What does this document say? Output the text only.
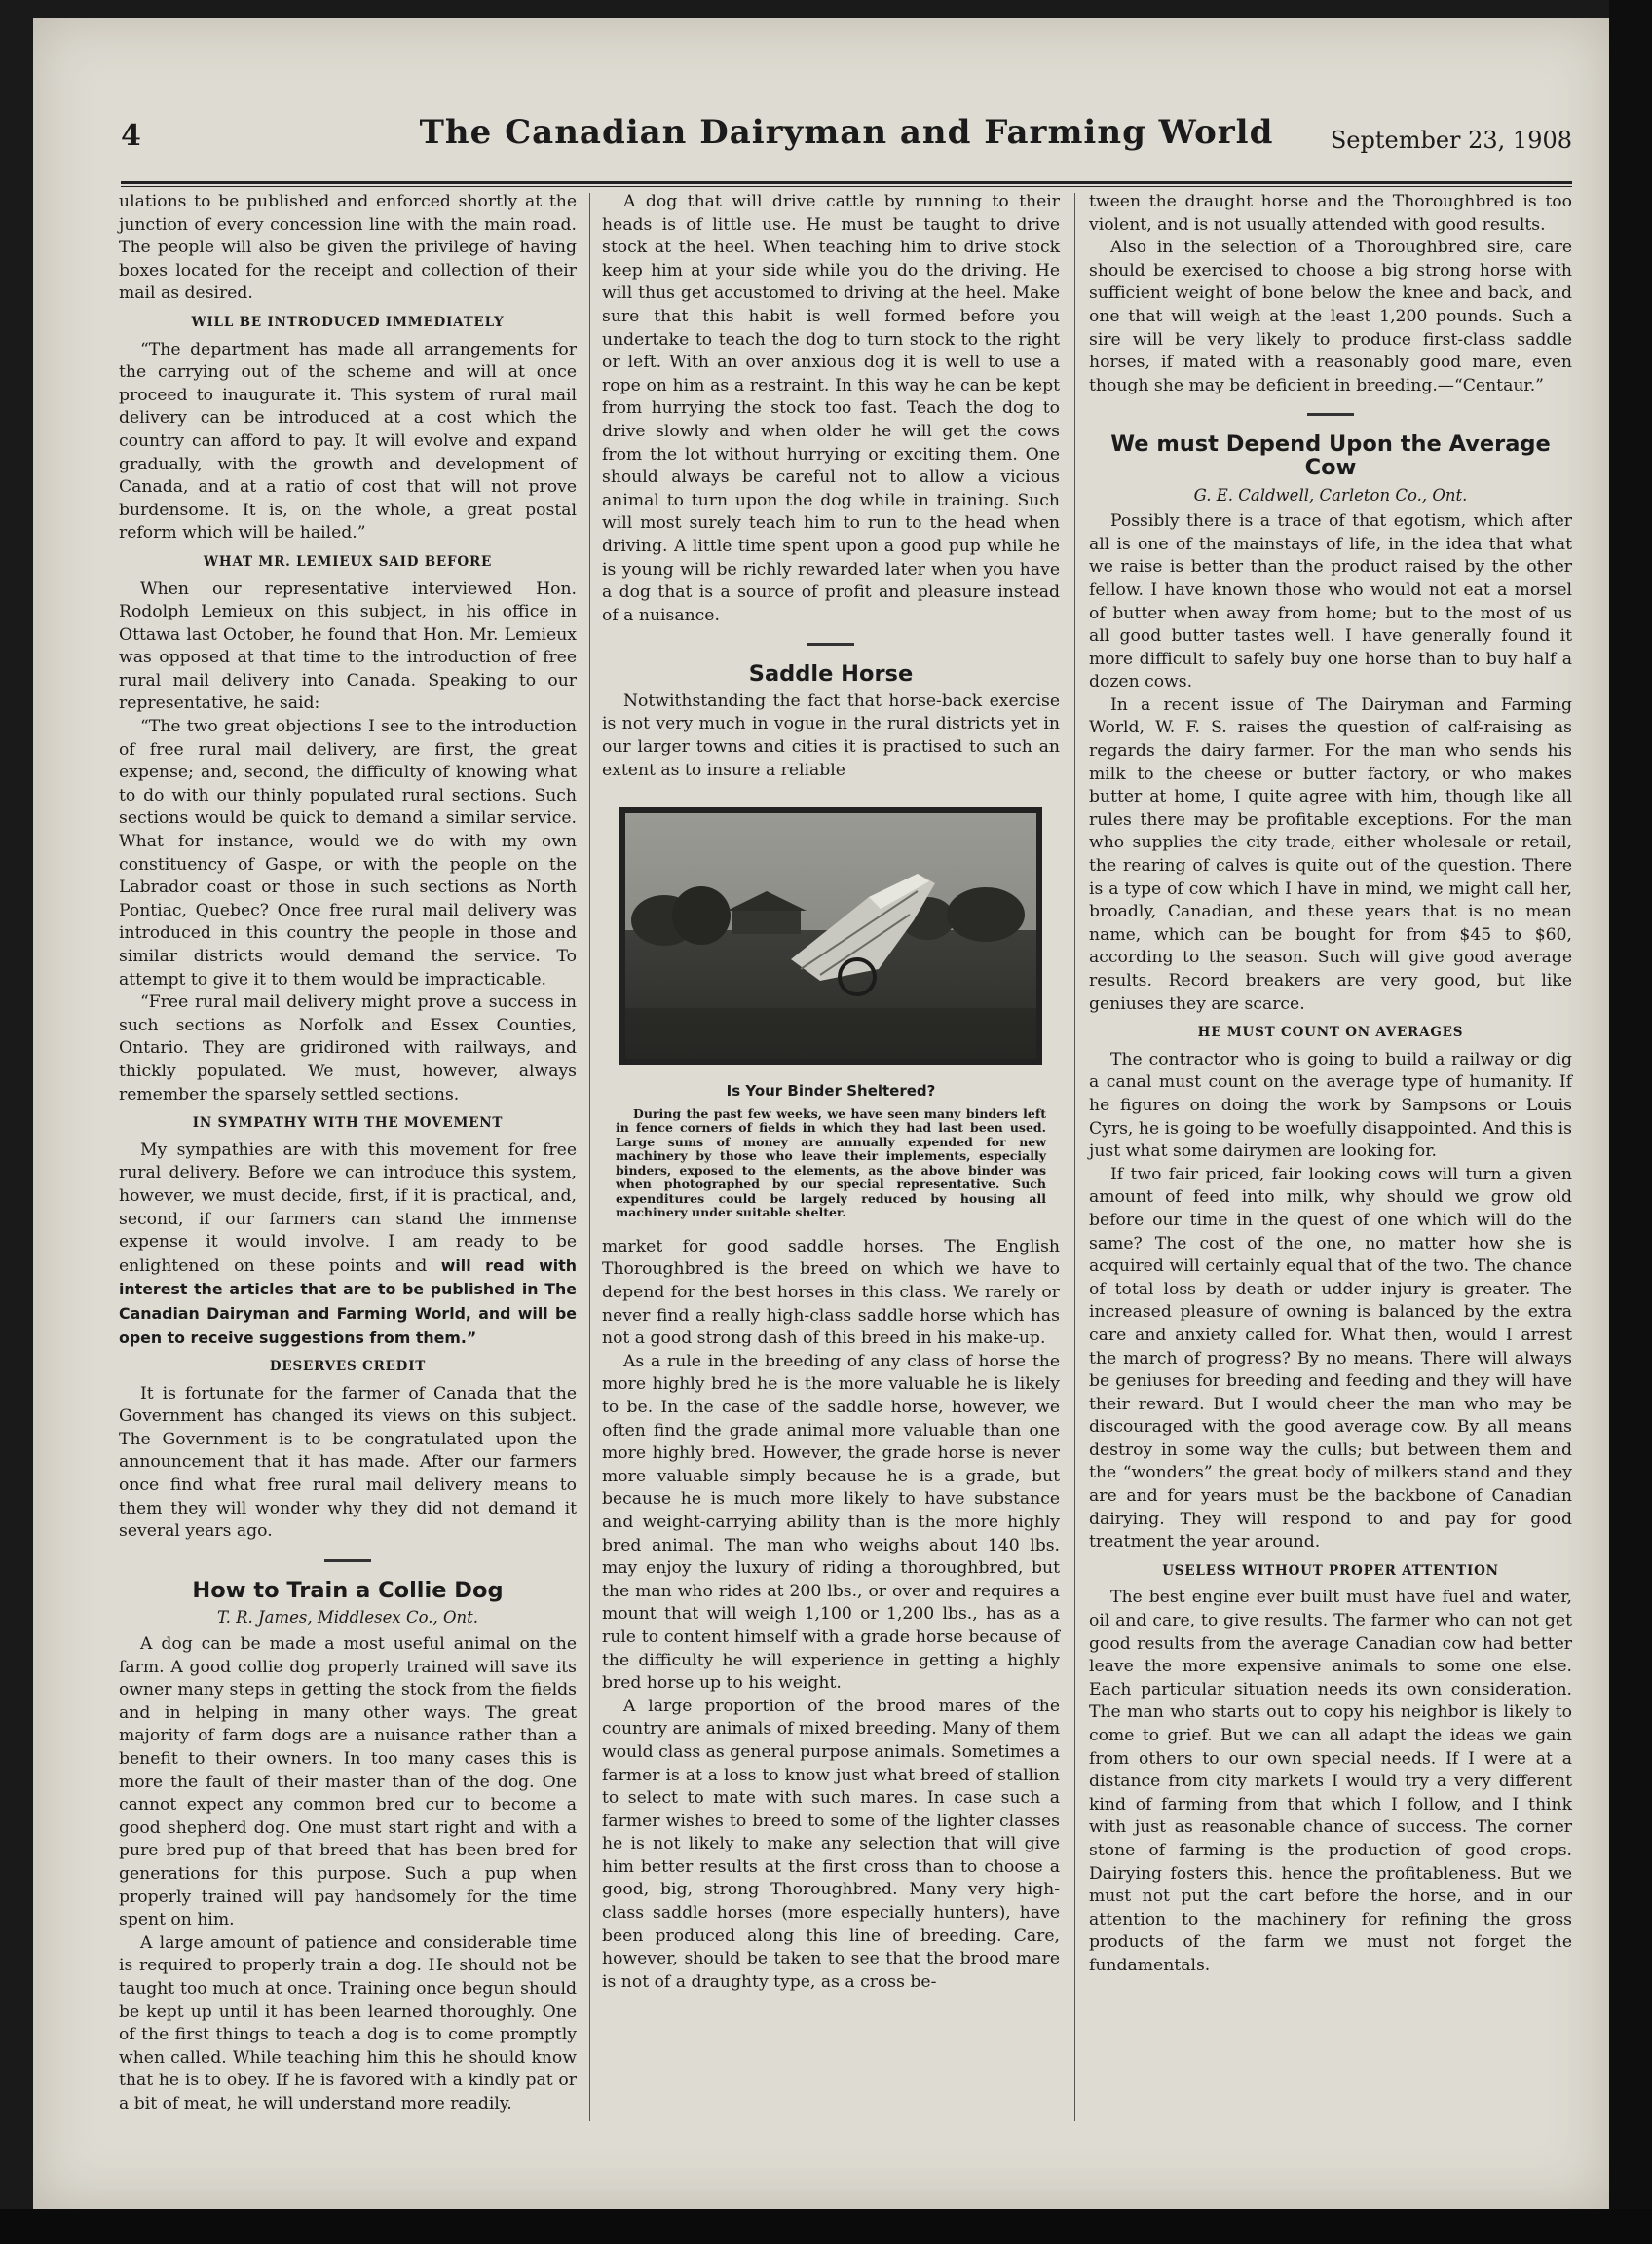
4	The Canadian Dairyman and Farming World	September 23, 1908

ulations to be published and enforced shortly at the junction of every concession line with the main road. The people will also be given the privilege of having boxes located for the receipt and collection of their mail as desired.

WILL BE INTRODUCED IMMEDIATELY

“The department has made all arrangements for the carrying out of the scheme and will at once proceed to inaugurate it. This system of rural mail delivery can be introduced at a cost which the country can afford to pay. It will evolve and expand gradually, with the growth and development of Canada, and at a ratio of cost that will not prove burdensome. It is, on the whole, a great postal reform which will be hailed.”

WHAT MR. LEMIEUX SAID BEFORE

When our representative interviewed Hon. Rodolph Lemieux on this subject, in his office in Ottawa last October, he found that Hon. Mr. Lemieux was opposed at that time to the introduction of free rural mail delivery into Canada. Speaking to our representative, he said:

“The two great objections I see to the introduction of free rural mail delivery, are first, the great expense; and, second, the difficulty of knowing what to do with our thinly populated rural sections. Such sections would be quick to demand a similar service. What for instance, would we do with my own constituency of Gaspe, or with the people on the Labrador coast or those in such sections as North Pontiac, Quebec? Once free rural mail delivery was introduced in this country the people in those and similar districts would demand the service. To attempt to give it to them would be impracticable.

“Free rural mail delivery might prove a success in such sections as Norfolk and Essex Counties, Ontario. They are gridironed with railways, and thickly populated. We must, however, always remember the sparsely settled sections.

IN SYMPATHY WITH THE MOVEMENT

My sympathies are with this movement for free rural delivery. Before we can introduce this system, however, we must decide, first, if it is practical, and, second, if our farmers can stand the immense expense it would involve. I am ready to be enlightened on these points and will read with interest the articles that are to be published in The Canadian Dairyman and Farming World, and will be open to receive suggestions from them.”

DESERVES CREDIT

It is fortunate for the farmer of Canada that the Government has changed its views on this subject. The Government is to be congratulated upon the announcement that it has made. After our farmers once find what free rural mail delivery means to them they will wonder why they did not demand it several years ago.

How to Train a Collie Dog
T. R. James, Middlesex Co., Ont.

A dog can be made a most useful animal on the farm. A good collie dog properly trained will save its owner many steps in getting the stock from the fields and in helping in many other ways. The great majority of farm dogs are a nuisance rather than a benefit to their owners. In too many cases this is more the fault of their master than of the dog. One cannot expect any common bred cur to become a good shepherd dog. One must start right and with a pure bred pup of that breed that has been bred for generations for this purpose. Such a pup when properly trained will pay handsomely for the time spent on him.

A large amount of patience and considerable time is required to properly train a dog. He should not be taught too much at once. Training once begun should be kept up until it has been learned thoroughly. One of the first things to teach a dog is to come promptly when called. While teaching him this he should know that he is to obey. If he is favored with a kindly pat or a bit of meat, he will understand more readily.

A dog that will drive cattle by running to their heads is of little use. He must be taught to drive stock at the heel. When teaching him to drive stock keep him at your side while you do the driving. He will thus get accustomed to driving at the heel. Make sure that this habit is well formed before you undertake to teach the dog to turn stock to the right or left. With an over anxious dog it is well to use a rope on him as a restraint. In this way he can be kept from hurrying the stock too fast. Teach the dog to drive slowly and when older he will get the cows from the lot without hurrying or exciting them. One should always be careful not to allow a vicious animal to turn upon the dog while in training. Such will most surely teach him to run to the head when driving. A little time spent upon a good pup while he is young will be richly rewarded later when you have a dog that is a source of profit and pleasure instead of a nuisance.

Saddle Horse

Notwithstanding the fact that horse-back exercise is not very much in vogue in the rural districts yet in our larger towns and cities it is practised to such an extent as to insure a reliable

Is Your Binder Sheltered?
During the past few weeks, we have seen many binders left in fence corners of fields in which they had last been used. Large sums of money are annually expended for new machinery by those who leave their implements, especially binders, exposed to the elements, as the above binder was when photographed by our special representative. Such expenditures could be largely reduced by housing all machinery under suitable shelter.

market for good saddle horses. The English Thoroughbred is the breed on which we have to depend for the best horses in this class. We rarely or never find a really high-class saddle horse which has not a good strong dash of this breed in his make-up.

As a rule in the breeding of any class of horse the more highly bred he is the more valuable he is likely to be. In the case of the saddle horse, however, we often find the grade animal more valuable than one more highly bred. However, the grade horse is never more valuable simply because he is a grade, but because he is much more likely to have substance and weight-carrying ability than is the more highly bred animal. The man who weighs about 140 lbs. may enjoy the luxury of riding a thoroughbred, but the man who rides at 200 lbs., or over and requires a mount that will weigh 1,100 or 1,200 lbs., has as a rule to content himself with a grade horse because of the difficulty he will experience in getting a highly bred horse up to his weight.

A large proportion of the brood mares of the country are animals of mixed breeding. Many of them would class as general purpose animals. Sometimes a farmer is at a loss to know just what breed of stallion to select to mate with such mares. In case such a farmer wishes to breed to some of the lighter classes he is not likely to make any selection that will give him better results at the first cross than to choose a good, big, strong Thoroughbred. Many very high-class saddle horses (more especially hunters), have been produced along this line of breeding. Care, however, should be taken to see that the brood mare is not of a draughty type, as a cross be-

tween the draught horse and the Thoroughbred is too violent, and is not usually attended with good results.

Also in the selection of a Thoroughbred sire, care should be exercised to choose a big strong horse with sufficient weight of bone below the knee and back, and one that will weigh at the least 1,200 pounds. Such a sire will be very likely to produce first-class saddle horses, if mated with a reasonably good mare, even though she may be deficient in breeding.—“Centaur.”

We must Depend Upon the Average Cow
G. E. Caldwell, Carleton Co., Ont.

Possibly there is a trace of that egotism, which after all is one of the mainstays of life, in the idea that what we raise is better than the product raised by the other fellow. I have known those who would not eat a morsel of butter when away from home; but to the most of us all good butter tastes well. I have generally found it more difficult to safely buy one horse than to buy half a dozen cows.

In a recent issue of The Dairyman and Farming World, W. F. S. raises the question of calf-raising as regards the dairy farmer. For the man who sends his milk to the cheese or butter factory, or who makes butter at home, I quite agree with him, though like all rules there may be profitable exceptions. For the man who supplies the city trade, either wholesale or retail, the rearing of calves is quite out of the question. There is a type of cow which I have in mind, we might call her, broadly, Canadian, and these years that is no mean name, which can be bought for from $45 to $60, according to the season. Such will give good average results. Record breakers are very good, but like geniuses they are scarce.

HE MUST COUNT ON AVERAGES

The contractor who is going to build a railway or dig a canal must count on the average type of humanity. If he figures on doing the work by Sampsons or Louis Cyrs, he is going to be woefully disappointed. And this is just what some dairymen are looking for.

If two fair priced, fair looking cows will turn a given amount of feed into milk, why should we grow old before our time in the quest of one which will do the same? The cost of the one, no matter how she is acquired will certainly equal that of the two. The chance of total loss by death or udder injury is greater. The increased pleasure of owning is balanced by the extra care and anxiety called for. What then, would I arrest the march of progress? By no means. There will always be geniuses for breeding and feeding and they will have their reward. But I would cheer the man who may be discouraged with the good average cow. By all means destroy in some way the culls; but between them and the “wonders” the great body of milkers stand and they are and for years must be the backbone of Canadian dairying. They will respond to and pay for good treatment the year around.

USELESS WITHOUT PROPER ATTENTION

The best engine ever built must have fuel and water, oil and care, to give results. The farmer who can not get good results from the average Canadian cow had better leave the more expensive animals to some one else. Each particular situation needs its own consideration. The man who starts out to copy his neighbor is likely to come to grief. But we can all adapt the ideas we gain from others to our own special needs. If I were at a distance from city markets I would try a very different kind of farming from that which I follow, and I think with just as reasonable chance of success. The corner stone of farming is the production of good crops. Dairying fosters this. hence the profitableness. But we must not put the cart before the horse, and in our attention to the machinery for refining the gross products of the farm we must not forget the fundamentals.
